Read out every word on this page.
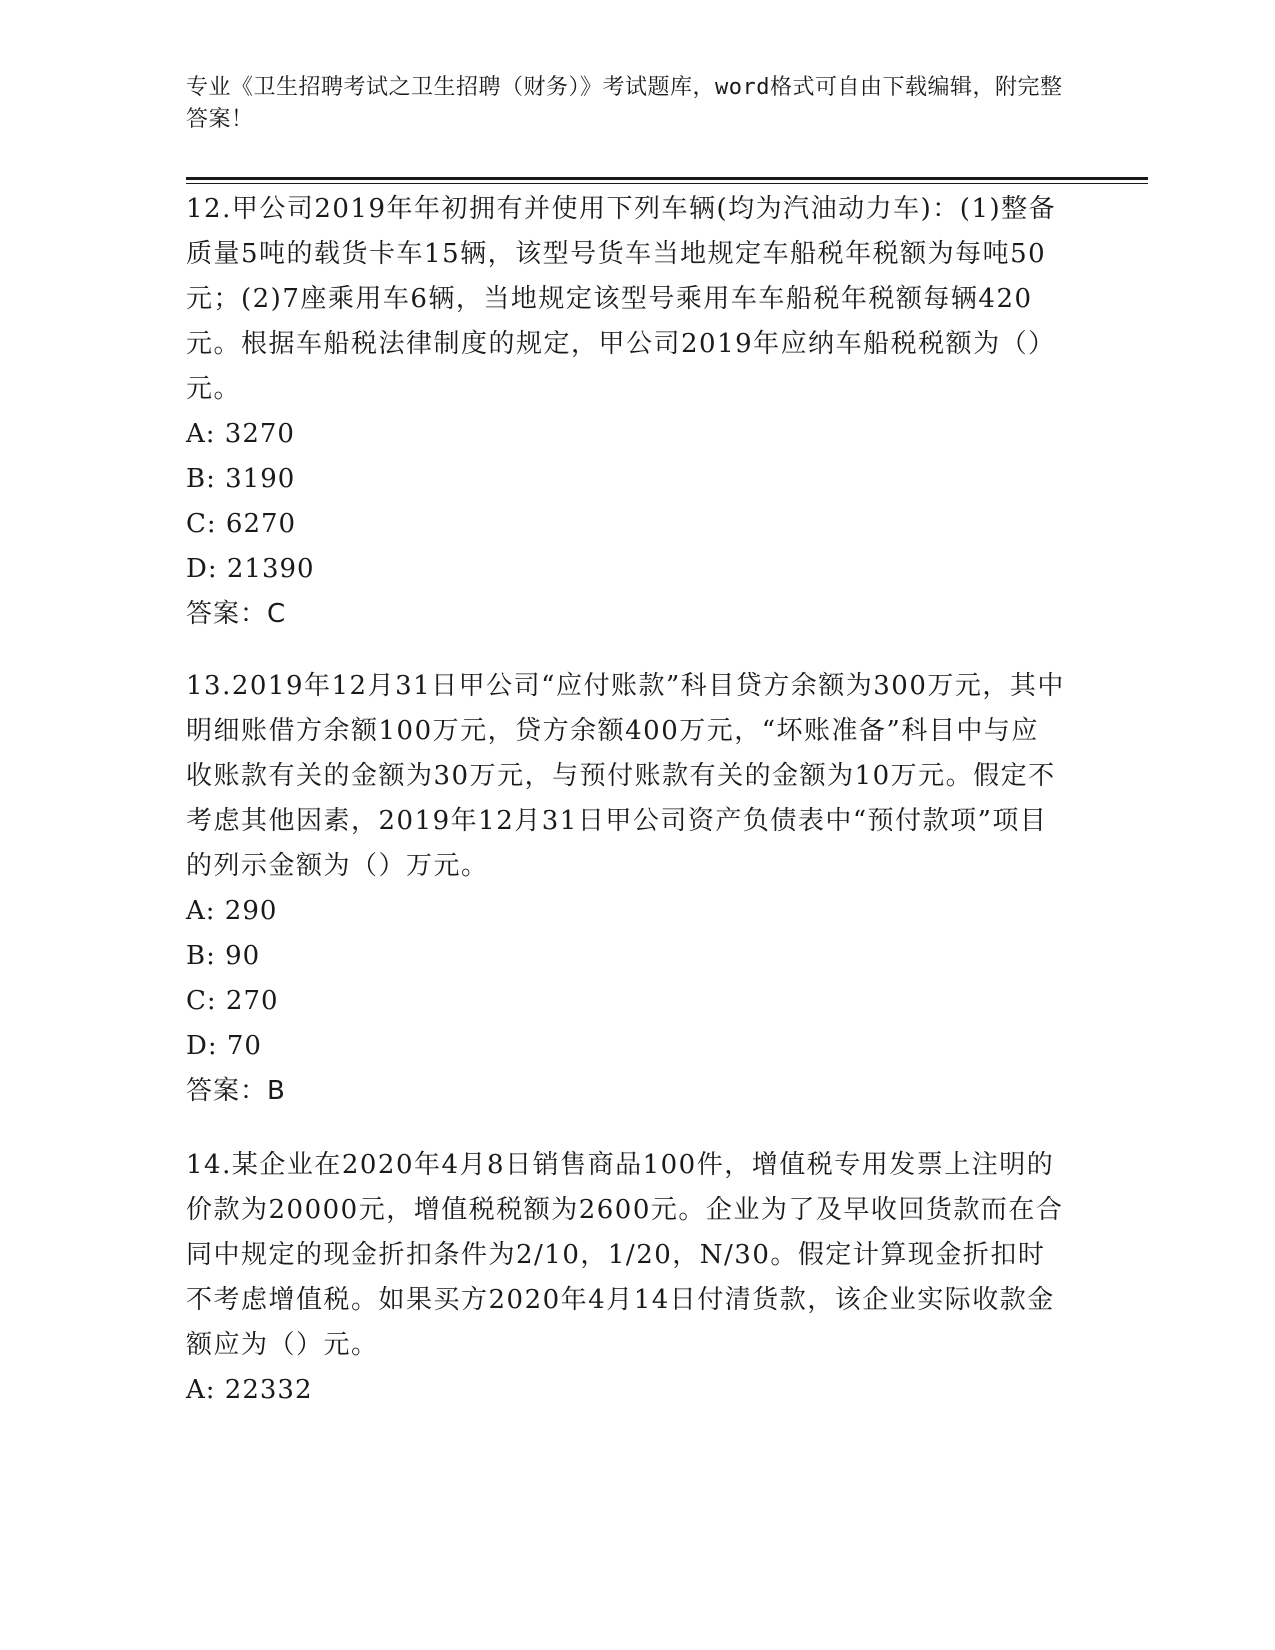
专业《卫生招聘考试之卫生招聘（财务）》考试题库，word格式可自由下载编辑，附完整答案！

12.甲公司2019年年初拥有并使用下列车辆(均为汽油动力车)：(1)整备质量5吨的载货卡车15辆，该型号货车当地规定车船税年税额为每吨50元；(2)7座乘用车6辆，当地规定该型号乘用车车船税年税额每辆420元。根据车船税法律制度的规定，甲公司2019年应纳车船税税额为（）元。

A: 3270

B: 3190

C: 6270

D: 21390

答案：C

13.2019年12月31日甲公司“应付账款”科目贷方余额为300万元，其中明细账借方余额100万元，贷方余额400万元，“坏账准备”科目中与应收账款有关的金额为30万元，与预付账款有关的金额为10万元。假定不考虑其他因素，2019年12月31日甲公司资产负债表中“预付款项”项目的列示金额为（）万元。

A: 290

B: 90

C: 270

D: 70

答案：B

14.某企业在2020年4月8日销售商品100件，增值税专用发票上注明的价款为20000元，增值税税额为2600元。企业为了及早收回货款而在合同中规定的现金折扣条件为2/10，1/20，N/30。假定计算现金折扣时不考虑增值税。如果买方2020年4月14日付清货款，该企业实际收款金额应为（）元。

A: 22332
